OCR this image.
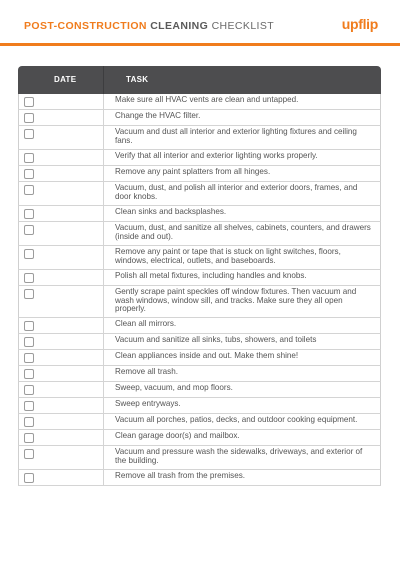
POST-CONSTRUCTION CLEANING CHECKLIST	upflip
DATE	TASK
Make sure all HVAC vents are clean and untapped.
Change the HVAC filter.
Vacuum and dust all interior and exterior lighting fixtures and ceiling fans.
Verify that all interior and exterior lighting works properly.
Remove any paint splatters from all hinges.
Vacuum, dust, and polish all interior and exterior doors, frames, and door knobs.
Clean sinks and backsplashes.
Vacuum, dust, and sanitize all shelves, cabinets, counters, and drawers (inside and out).
Remove any paint or tape that is stuck on light switches, floors, windows, electrical, outlets, and baseboards.
Polish all metal fixtures, including handles and knobs.
Gently scrape paint speckles off window fixtures. Then vacuum and wash windows, window sill, and tracks. Make sure they all open properly.
Clean all mirrors.
Vacuum and sanitize all sinks, tubs, showers, and toilets
Clean appliances inside and out. Make them shine!
Remove all trash.
Sweep, vacuum, and mop floors.
Sweep entryways.
Vacuum all porches, patios, decks, and outdoor cooking equipment.
Clean garage door(s) and mailbox.
Vacuum and pressure wash the sidewalks, driveways, and exterior of the building.
Remove all trash from the premises.
